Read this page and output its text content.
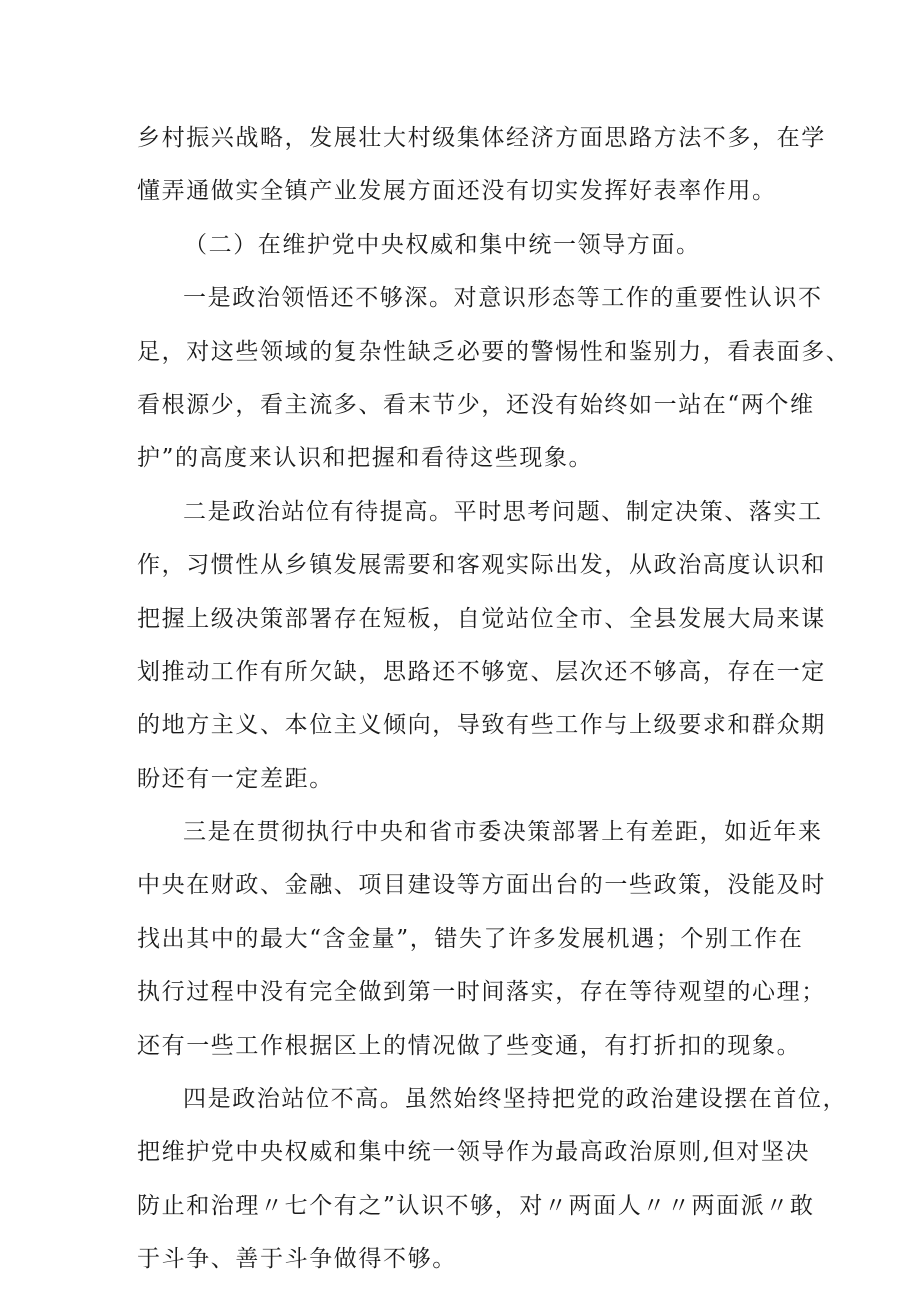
乡村振兴战略，发展壮大村级集体经济方面思路方法不多，在学
懂弄通做实全镇产业发展方面还没有切实发挥好表率作用。
（二）在维护党中央权威和集中统一领导方面。
一是政治领悟还不够深。对意识形态等工作的重要性认识不
足，对这些领域的复杂性缺乏必要的警惕性和鉴别力，看表面多、
看根源少，看主流多、看末节少，还没有始终如一站在“两个维
护”的高度来认识和把握和看待这些现象。
二是政治站位有待提高。平时思考问题、制定决策、落实工
作，习惯性从乡镇发展需要和客观实际出发，从政治高度认识和
把握上级决策部署存在短板，自觉站位全市、全县发展大局来谋
划推动工作有所欠缺，思路还不够宽、层次还不够高，存在一定
的地方主义、本位主义倾向，导致有些工作与上级要求和群众期
盼还有一定差距。
三是在贯彻执行中央和省市委决策部署上有差距，如近年来
中央在财政、金融、项目建设等方面出台的一些政策，没能及时
找出其中的最大“含金量”，错失了许多发展机遇；个别工作在
执行过程中没有完全做到第一时间落实，存在等待观望的心理；
还有一些工作根据区上的情况做了些变通，有打折扣的现象。
四是政治站位不高。虽然始终坚持把党的政治建设摆在首位，
把维护党中央权威和集中统一领导作为最高政治原则,但对坚决
防止和治理〃七个有之”认识不够，对〃两面人〃〃两面派〃敢
于斗争、善于斗争做得不够。
